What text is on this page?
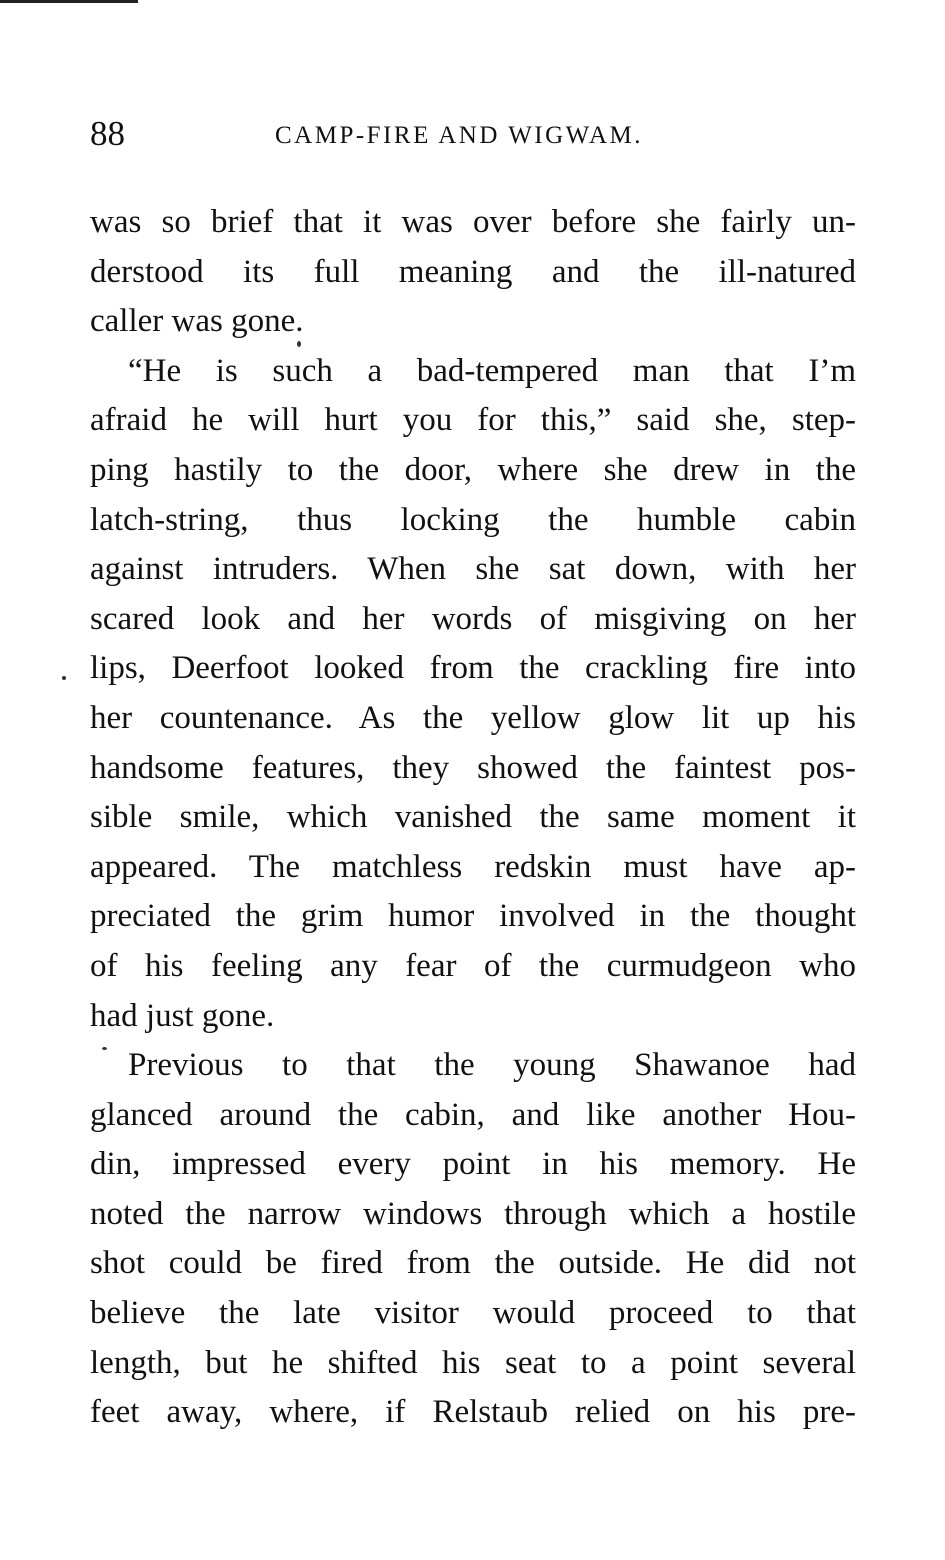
88	CAMP-FIRE AND WIGWAM.
was so brief that it was over before she fairly un-
derstood its full meaning and the ill-natured
caller was gone.
“He is such a bad-tempered man that I’m
afraid he will hurt you for this,” said she, step-
ping hastily to the door, where she drew in the
latch-string, thus locking the humble cabin
against intruders. When she sat down, with her
scared look and her words of misgiving on her
lips, Deerfoot looked from the crackling fire into
her countenance. As the yellow glow lit up his
handsome features, they showed the faintest pos-
sible smile, which vanished the same moment it
appeared. The matchless redskin must have ap-
preciated the grim humor involved in the thought
of his feeling any fear of the curmudgeon who
had just gone.
Previous to that the young Shawanoe had
glanced around the cabin, and like another Hou-
din, impressed every point in his memory. He
noted the narrow windows through which a hostile
shot could be fired from the outside. He did not
believe the late visitor would proceed to that
length, but he shifted his seat to a point several
feet away, where, if Relstaub relied on his pre-
